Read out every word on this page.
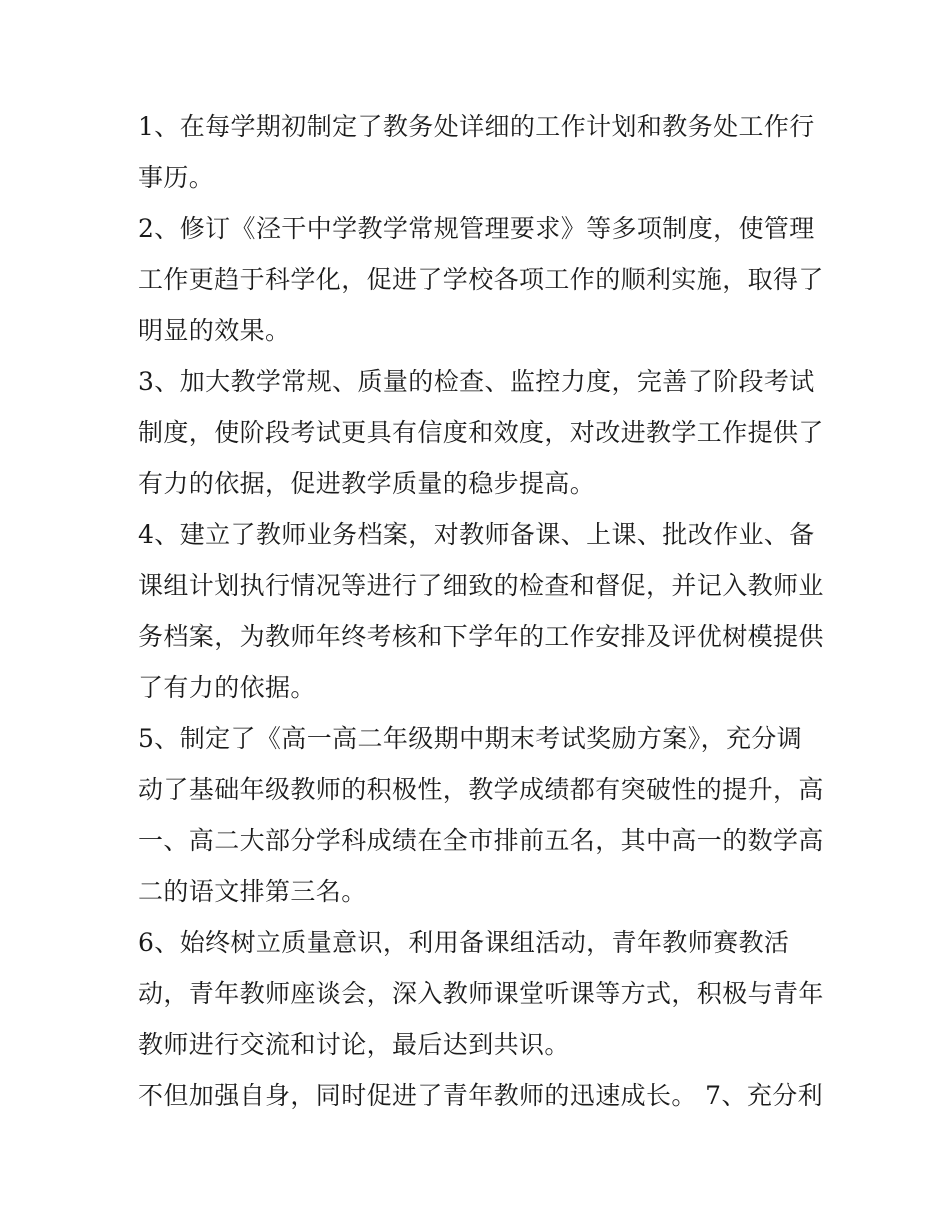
1、在每学期初制定了教务处详细的工作计划和教务处工作行
事历。
2、修订《泾干中学教学常规管理要求》等多项制度，使管理
工作更趋于科学化，促进了学校各项工作的顺利实施，取得了
明显的效果。
3、加大教学常规、质量的检查、监控力度，完善了阶段考试
制度，使阶段考试更具有信度和效度，对改进教学工作提供了
有力的依据，促进教学质量的稳步提高。
4、建立了教师业务档案，对教师备课、上课、批改作业、备
课组计划执行情况等进行了细致的检查和督促，并记入教师业
务档案，为教师年终考核和下学年的工作安排及评优树模提供
了有力的依据。
5、制定了《高一高二年级期中期末考试奖励方案》，充分调
动了基础年级教师的积极性，教学成绩都有突破性的提升，高
一、高二大部分学科成绩在全市排前五名，其中高一的数学高
二的语文排第三名。
6、始终树立质量意识，利用备课组活动，青年教师赛教活
动，青年教师座谈会，深入教师课堂听课等方式，积极与青年
教师进行交流和讨论，最后达到共识。
不但加强自身，同时促进了青年教师的迅速成长。 7、充分利
